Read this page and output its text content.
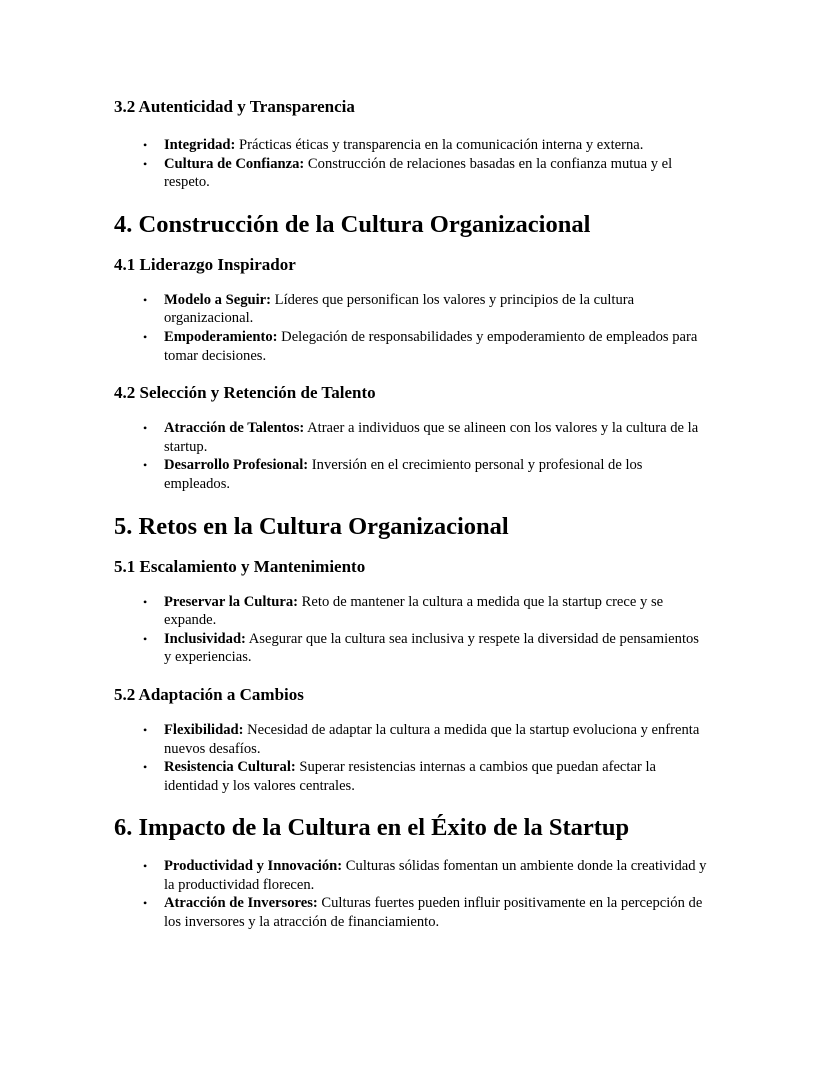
3.2 Autenticidad y Transparencia
• Integridad: Prácticas éticas y transparencia en la comunicación interna y externa.
• Cultura de Confianza: Construcción de relaciones basadas en la confianza mutua y el respeto.
4. Construcción de la Cultura Organizacional
4.1 Liderazgo Inspirador
• Modelo a Seguir: Líderes que personifican los valores y principios de la cultura organizacional.
• Empoderamiento: Delegación de responsabilidades y empoderamiento de empleados para tomar decisiones.
4.2 Selección y Retención de Talento
• Atracción de Talentos: Atraer a individuos que se alineen con los valores y la cultura de la startup.
• Desarrollo Profesional: Inversión en el crecimiento personal y profesional de los empleados.
5. Retos en la Cultura Organizacional
5.1 Escalamiento y Mantenimiento
• Preservar la Cultura: Reto de mantener la cultura a medida que la startup crece y se expande.
• Inclusividad: Asegurar que la cultura sea inclusiva y respete la diversidad de pensamientos y experiencias.
5.2 Adaptación a Cambios
• Flexibilidad: Necesidad de adaptar la cultura a medida que la startup evoluciona y enfrenta nuevos desafíos.
• Resistencia Cultural: Superar resistencias internas a cambios que puedan afectar la identidad y los valores centrales.
6. Impacto de la Cultura en el Éxito de la Startup
• Productividad y Innovación: Culturas sólidas fomentan un ambiente donde la creatividad y la productividad florecen.
• Atracción de Inversores: Culturas fuertes pueden influir positivamente en la percepción de los inversores y la atracción de financiamiento.
